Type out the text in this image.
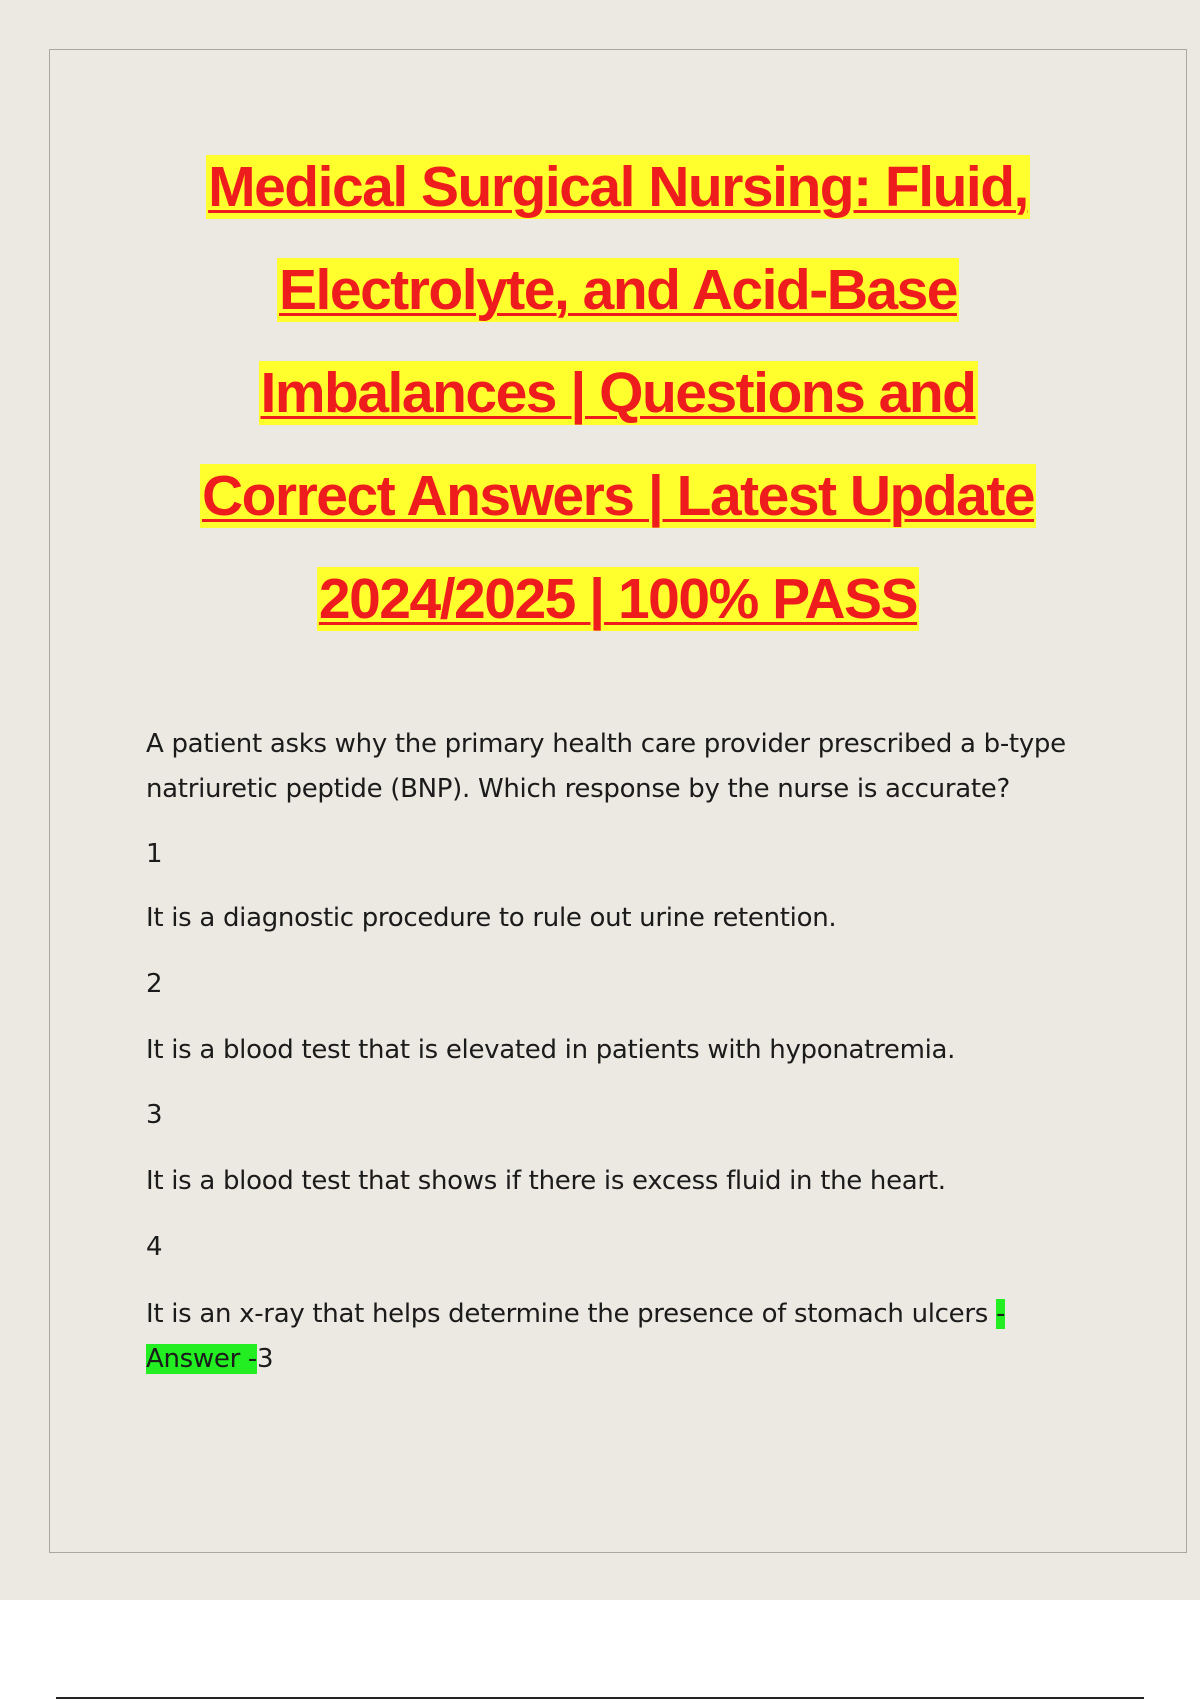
Medical Surgical Nursing: Fluid,
Electrolyte, and Acid-Base
Imbalances | Questions and
Correct Answers | Latest Update
2024/2025 | 100% PASS
A patient asks why the primary health care provider prescribed a b-type natriuretic peptide (BNP). Which response by the nurse is accurate?
1
It is a diagnostic procedure to rule out urine retention.
2
It is a blood test that is elevated in patients with hyponatremia.
3
It is a blood test that shows if there is excess fluid in the heart.
4
It is an x-ray that helps determine the presence of stomach ulcers - Answer -3
